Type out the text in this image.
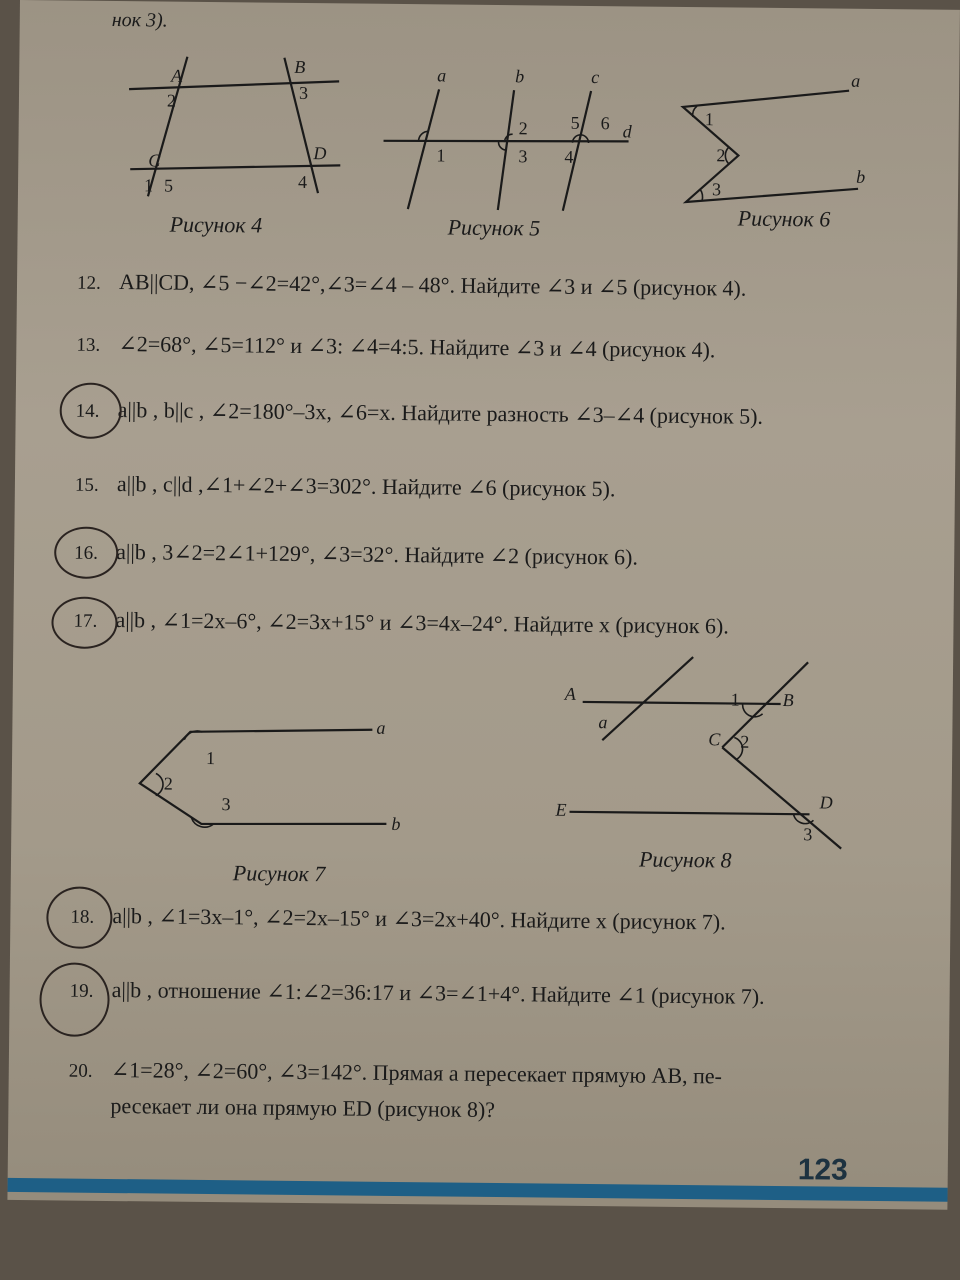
нок 3).
A	B
C	D
2	3
1 5	4
Рисунок 4
a	b	c
d
1
2
3 4
5 6
Рисунок 5
a
b
1
2
3
Рисунок 6
12. AB||CD, ∠5 −∠2=42°,∠3=∠4 – 48°. Найдите ∠3 и ∠5 (рисунок 4).
13. ∠2=68°, ∠5=112° и ∠3: ∠4=4:5. Найдите ∠3 и ∠4 (рисунок 4).
14. a||b , b||c , ∠2=180°–3x, ∠6=x. Найдите разность ∠3–∠4 (рисунок 5).
15. a||b , c||d ,∠1+∠2+∠3=302°. Найдите ∠6 (рисунок 5).
16. a||b , 3∠2=2∠1+129°, ∠3=32°. Найдите ∠2 (рисунок 6).
17. a||b , ∠1=2x–6°, ∠2=3x+15° и ∠3=4x–24°. Найдите x (рисунок 6).
a
b
1
2
3
Рисунок 7
A	B
C
D
E
a
1
2
3
Рисунок 8
18. a||b , ∠1=3x–1°, ∠2=2x–15° и ∠3=2x+40°. Найдите x (рисунок 7).
19. a||b , отношение ∠1:∠2=36:17 и ∠3=∠1+4°. Найдите ∠1 (рисунок 7).
20. ∠1=28°, ∠2=60°, ∠3=142°. Прямая a пересекает прямую AB, пе-
ресекает ли она прямую ED (рисунок 8)?
123
